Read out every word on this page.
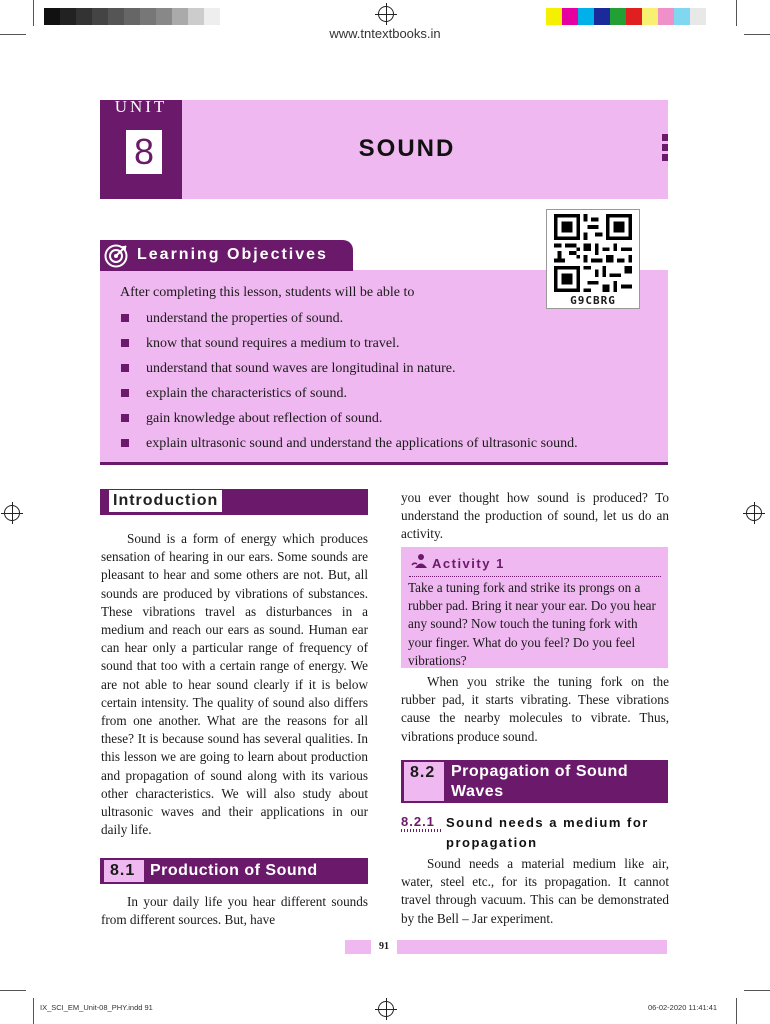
www.tntextbooks.in
UNIT
8	SOUND
Learning Objectives
After completing this lesson, students will be able to
understand the properties of sound.
know that sound requires a medium to travel.
understand that sound waves are longitudinal in nature.
explain the characteristics of sound.
gain knowledge about reflection of sound.
explain ultrasonic sound and understand the applications of ultrasonic sound.
G9CBRG
Introduction
Sound is a form of energy which produces sensation of hearing in our ears. Some sounds are pleasant to hear and some others are not. But, all sounds are produced by vibrations of substances. These vibrations travel as disturbances in a medium and reach our ears as sound. Human ear can hear only a particular range of frequency of sound that too with a certain range of energy. We are not able to hear sound clearly if it is below certain intensity. The quality of sound also differs from one another. What are the reasons for all these? It is because sound has several qualities. In this lesson we are going to learn about production and propagation of sound along with its various other characteristics. We will also study about ultrasonic waves and their applications in our daily life.
8.1 Production of Sound
In your daily life you hear different sounds from different sources. But, have
you ever thought how sound is produced? To understand the production of sound, let us do an activity.
Activity 1
Take a tuning fork and strike its prongs on a rubber pad. Bring it near your ear. Do you hear any sound? Now touch the tuning fork with your finger. What do you feel? Do you feel vibrations?
When you strike the tuning fork on the rubber pad, it starts vibrating. These vibrations cause the nearby molecules to vibrate. Thus, vibrations produce sound.
8.2 Propagation of Sound Waves
8.2.1 Sound needs a medium for propagation
Sound needs a material medium like air, water, steel etc., for its propagation. It cannot travel through vacuum. This can be demonstrated by the Bell – Jar experiment.
91
IX_SCI_EM_Unit-08_PHY.indd 91	06-02-2020 11:41:41
